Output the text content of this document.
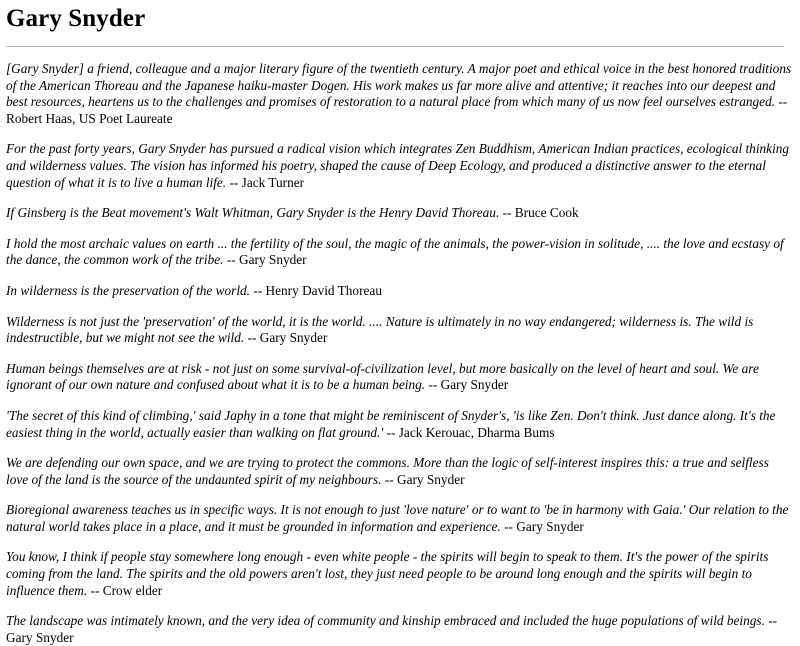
Gary Snyder

[Gary Snyder] a friend, colleague and a major literary figure of the twentieth century. A major poet and ethical voice in the best honored traditions of the American Thoreau and the Japanese haiku-master Dogen. His work makes us far more alive and attentive; it reaches into our deepest and best resources, heartens us to the challenges and promises of restoration to a natural place from which many of us now feel ourselves estranged. -- Robert Haas, US Poet Laureate

For the past forty years, Gary Snyder has pursued a radical vision which integrates Zen Buddhism, American Indian practices, ecological thinking and wilderness values. The vision has informed his poetry, shaped the cause of Deep Ecology, and produced a distinctive answer to the eternal question of what it is to live a human life. -- Jack Turner

If Ginsberg is the Beat movement's Walt Whitman, Gary Snyder is the Henry David Thoreau. -- Bruce Cook

I hold the most archaic values on earth ... the fertility of the soul, the magic of the animals, the power-vision in solitude, .... the love and ecstasy of the dance, the common work of the tribe. -- Gary Snyder

In wilderness is the preservation of the world. -- Henry David Thoreau

Wilderness is not just the 'preservation' of the world, it is the world. .... Nature is ultimately in no way endangered; wilderness is. The wild is indestructible, but we might not see the wild. -- Gary Snyder

Human beings themselves are at risk - not just on some survival-of-civilization level, but more basically on the level of heart and soul. We are ignorant of our own nature and confused about what it is to be a human being. -- Gary Snyder

'The secret of this kind of climbing,' said Japhy in a tone that might be reminiscent of Snyder's, 'is like Zen. Don't think. Just dance along. It's the easiest thing in the world, actually easier than walking on flat ground.' -- Jack Kerouac, Dharma Bums

We are defending our own space, and we are trying to protect the commons. More than the logic of self-interest inspires this: a true and selfless love of the land is the source of the undaunted spirit of my neighbours. -- Gary Snyder

Bioregional awareness teaches us in specific ways. It is not enough to just 'love nature' or to want to 'be in harmony with Gaia.' Our relation to the natural world takes place in a place, and it must be grounded in information and experience. -- Gary Snyder

You know, I think if people stay somewhere long enough - even white people - the spirits will begin to speak to them. It's the power of the spirits coming from the land. The spirits and the old powers aren't lost, they just need people to be around long enough and the spirits will begin to influence them. -- Crow elder

The landscape was intimately known, and the very idea of community and kinship embraced and included the huge populations of wild beings. -- Gary Snyder
